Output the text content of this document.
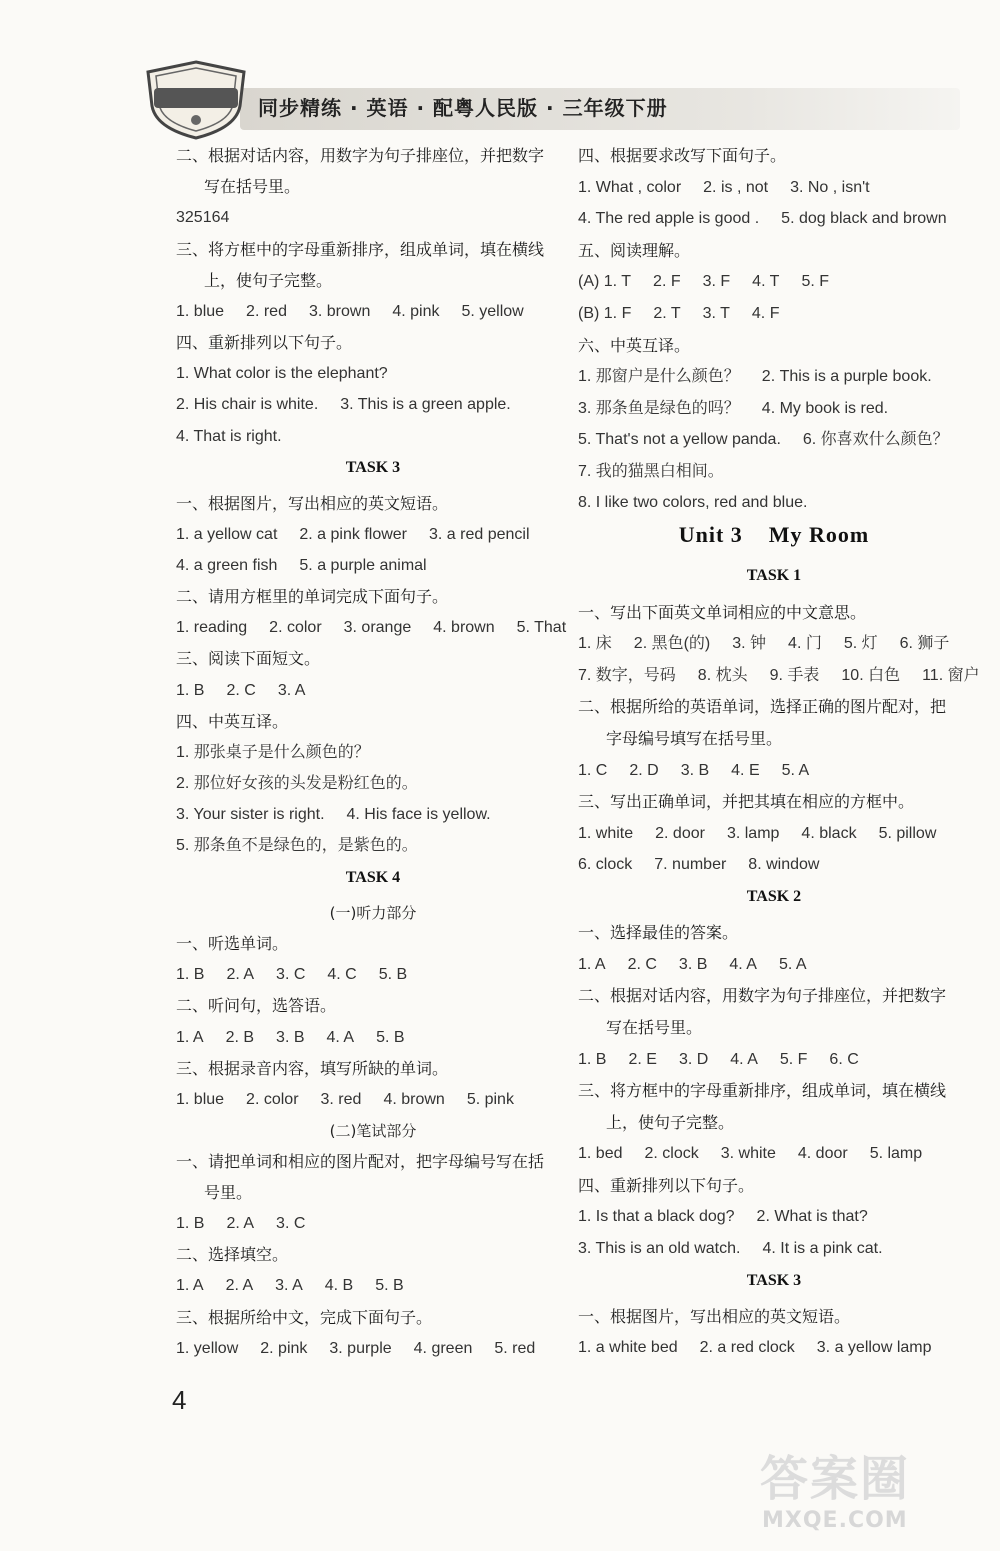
同步精练 · 英语 · 配粤人民版 · 三年级下册
二、根据对话内容，用数字为句子排座位，并把数字
写在括号里。
325164
三、将方框中的字母重新排序，组成单词，填在横线
上，使句子完整。
1. blue 2. red 3. brown 4. pink 5. yellow
四、重新排列以下句子。
1. What color is the elephant?
2. His chair is white. 3. This is a green apple.
4. That is right.
TASK 3
一、根据图片，写出相应的英文短语。
1. a yellow cat 2. a pink flower 3. a red pencil
4. a green fish 5. a purple animal
二、请用方框里的单词完成下面句子。
1. reading 2. color 3. orange 4. brown 5. That
三、阅读下面短文。
1. B 2. C 3. A
四、中英互译。
1. 那张桌子是什么颜色的？
2. 那位好女孩的头发是粉红色的。
3. Your sister is right. 4. His face is yellow.
5. 那条鱼不是绿色的，是紫色的。
TASK 4
(一)听力部分
一、听选单词。
1. B 2. A 3. C 4. C 5. B
二、听问句，选答语。
1. A 2. B 3. B 4. A 5. B
三、根据录音内容，填写所缺的单词。
1. blue 2. color 3. red 4. brown 5. pink
(二)笔试部分
一、请把单词和相应的图片配对，把字母编号写在括
号里。
1. B 2. A 3. C
二、选择填空。
1. A 2. A 3. A 4. B 5. B
三、根据所给中文，完成下面句子。
1. yellow 2. pink 3. purple 4. green 5. red
四、根据要求改写下面句子。
1. What , color 2. is , not 3. No , isn't
4. The red apple is good . 5. dog black and brown
五、阅读理解。
(A) 1. T 2. F 3. F 4. T 5. F
(B) 1. F 2. T 3. T 4. F
六、中英互译。
1. 那窗户是什么颜色？ 2. This is a purple book.
3. 那条鱼是绿色的吗？ 4. My book is red.
5. That's not a yellow panda. 6. 你喜欢什么颜色？
7. 我的猫黑白相间。
8. I like two colors, red and blue.
Unit 3    My Room
TASK 1
一、写出下面英文单词相应的中文意思。
1. 床 2. 黑色(的) 3. 钟 4. 门 5. 灯 6. 狮子
7. 数字，号码 8. 枕头 9. 手表 10. 白色 11. 窗户
二、根据所给的英语单词，选择正确的图片配对，把
字母编号填写在括号里。
1. C 2. D 3. B 4. E 5. A
三、写出正确单词，并把其填在相应的方框中。
1. white 2. door 3. lamp 4. black 5. pillow
6. clock 7. number 8. window
TASK 2
一、选择最佳的答案。
1. A 2. C 3. B 4. A 5. A
二、根据对话内容，用数字为句子排座位，并把数字
写在括号里。
1. B 2. E 3. D 4. A 5. F 6. C
三、将方框中的字母重新排序，组成单词，填在横线
上，使句子完整。
1. bed 2. clock 3. white 4. door 5. lamp
四、重新排列以下句子。
1. Is that a black dog? 2. What is that?
3. This is an old watch. 4. It is a pink cat.
TASK 3
一、根据图片，写出相应的英文短语。
1. a white bed 2. a red clock 3. a yellow lamp
4
答案圈
MXQE.COM
